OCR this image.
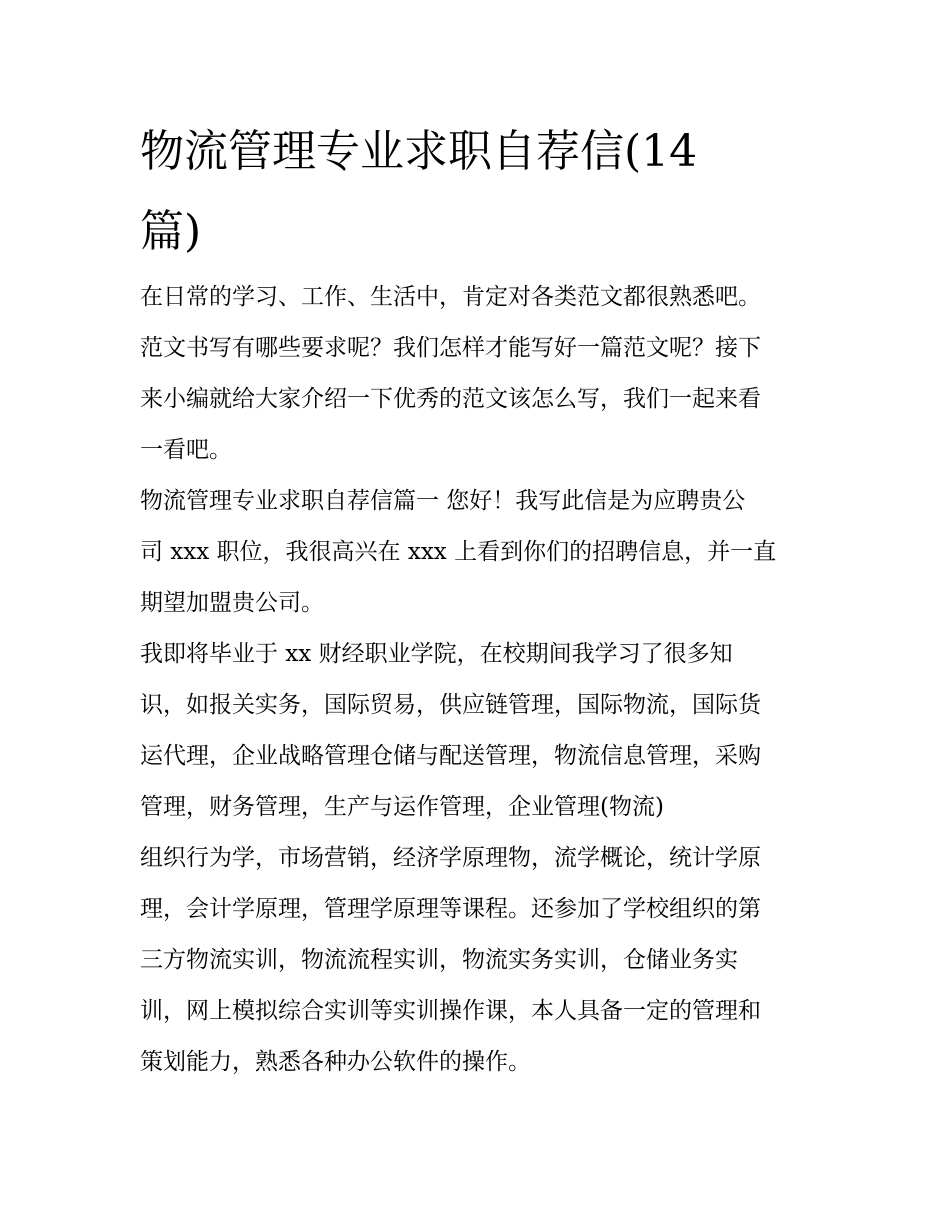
物流管理专业求职自荐信(14
篇)
在日常的学习、工作、生活中，肯定对各类范文都很熟悉吧。
范文书写有哪些要求呢？我们怎样才能写好一篇范文呢？接下
来小编就给大家介绍一下优秀的范文该怎么写，我们一起来看
一看吧。
物流管理专业求职自荐信篇一 您好！我写此信是为应聘贵公
司 xxx 职位，我很高兴在 xxx 上看到你们的招聘信息，并一直
期望加盟贵公司。
我即将毕业于 xx 财经职业学院，在校期间我学习了很多知
识，如报关实务，国际贸易，供应链管理，国际物流，国际货
运代理，企业战略管理仓储与配送管理，物流信息管理，采购
管理，财务管理，生产与运作管理，企业管理(物流)
组织行为学，市场营销，经济学原理物，流学概论，统计学原
理，会计学原理，管理学原理等课程。还参加了学校组织的第
三方物流实训，物流流程实训，物流实务实训，仓储业务实
训，网上模拟综合实训等实训操作课，本人具备一定的管理和
策划能力，熟悉各种办公软件的操作。
